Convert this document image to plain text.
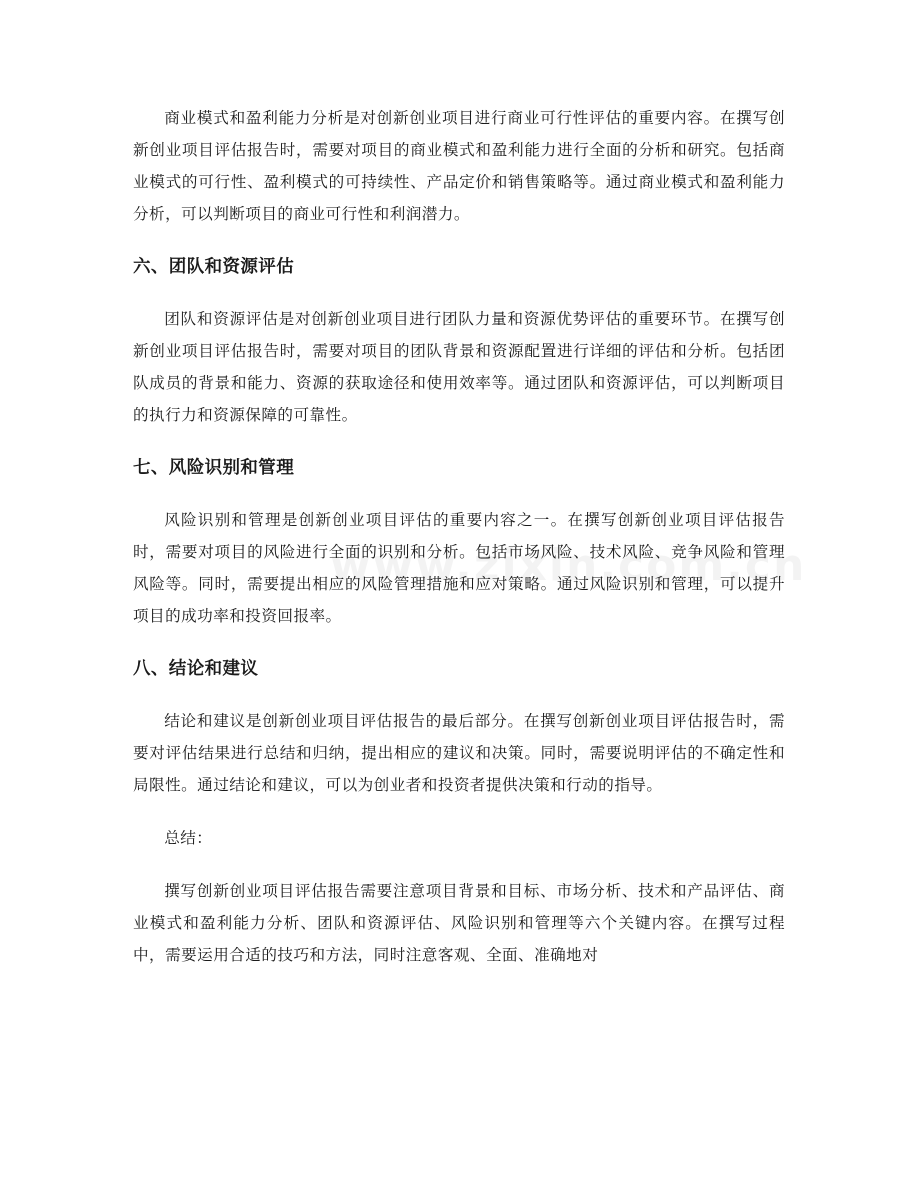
商业模式和盈利能力分析是对创新创业项目进行商业可行性评估的重要内容。在撰写创新创业项目评估报告时，需要对项目的商业模式和盈利能力进行全面的分析和研究。包括商业模式的可行性、盈利模式的可持续性、产品定价和销售策略等。通过商业模式和盈利能力分析，可以判断项目的商业可行性和利润潜力。

六、团队和资源评估

团队和资源评估是对创新创业项目进行团队力量和资源优势评估的重要环节。在撰写创新创业项目评估报告时，需要对项目的团队背景和资源配置进行详细的评估和分析。包括团队成员的背景和能力、资源的获取途径和使用效率等。通过团队和资源评估，可以判断项目的执行力和资源保障的可靠性。

七、风险识别和管理

风险识别和管理是创新创业项目评估的重要内容之一。在撰写创新创业项目评估报告时，需要对项目的风险进行全面的识别和分析。包括市场风险、技术风险、竞争风险和管理风险等。同时，需要提出相应的风险管理措施和应对策略。通过风险识别和管理，可以提升项目的成功率和投资回报率。

八、结论和建议

结论和建议是创新创业项目评估报告的最后部分。在撰写创新创业项目评估报告时，需要对评估结果进行总结和归纳，提出相应的建议和决策。同时，需要说明评估的不确定性和局限性。通过结论和建议，可以为创业者和投资者提供决策和行动的指导。

总结：

撰写创新创业项目评估报告需要注意项目背景和目标、市场分析、技术和产品评估、商业模式和盈利能力分析、团队和资源评估、风险识别和管理等六个关键内容。在撰写过程中，需要运用合适的技巧和方法，同时注意客观、全面、准确地对
